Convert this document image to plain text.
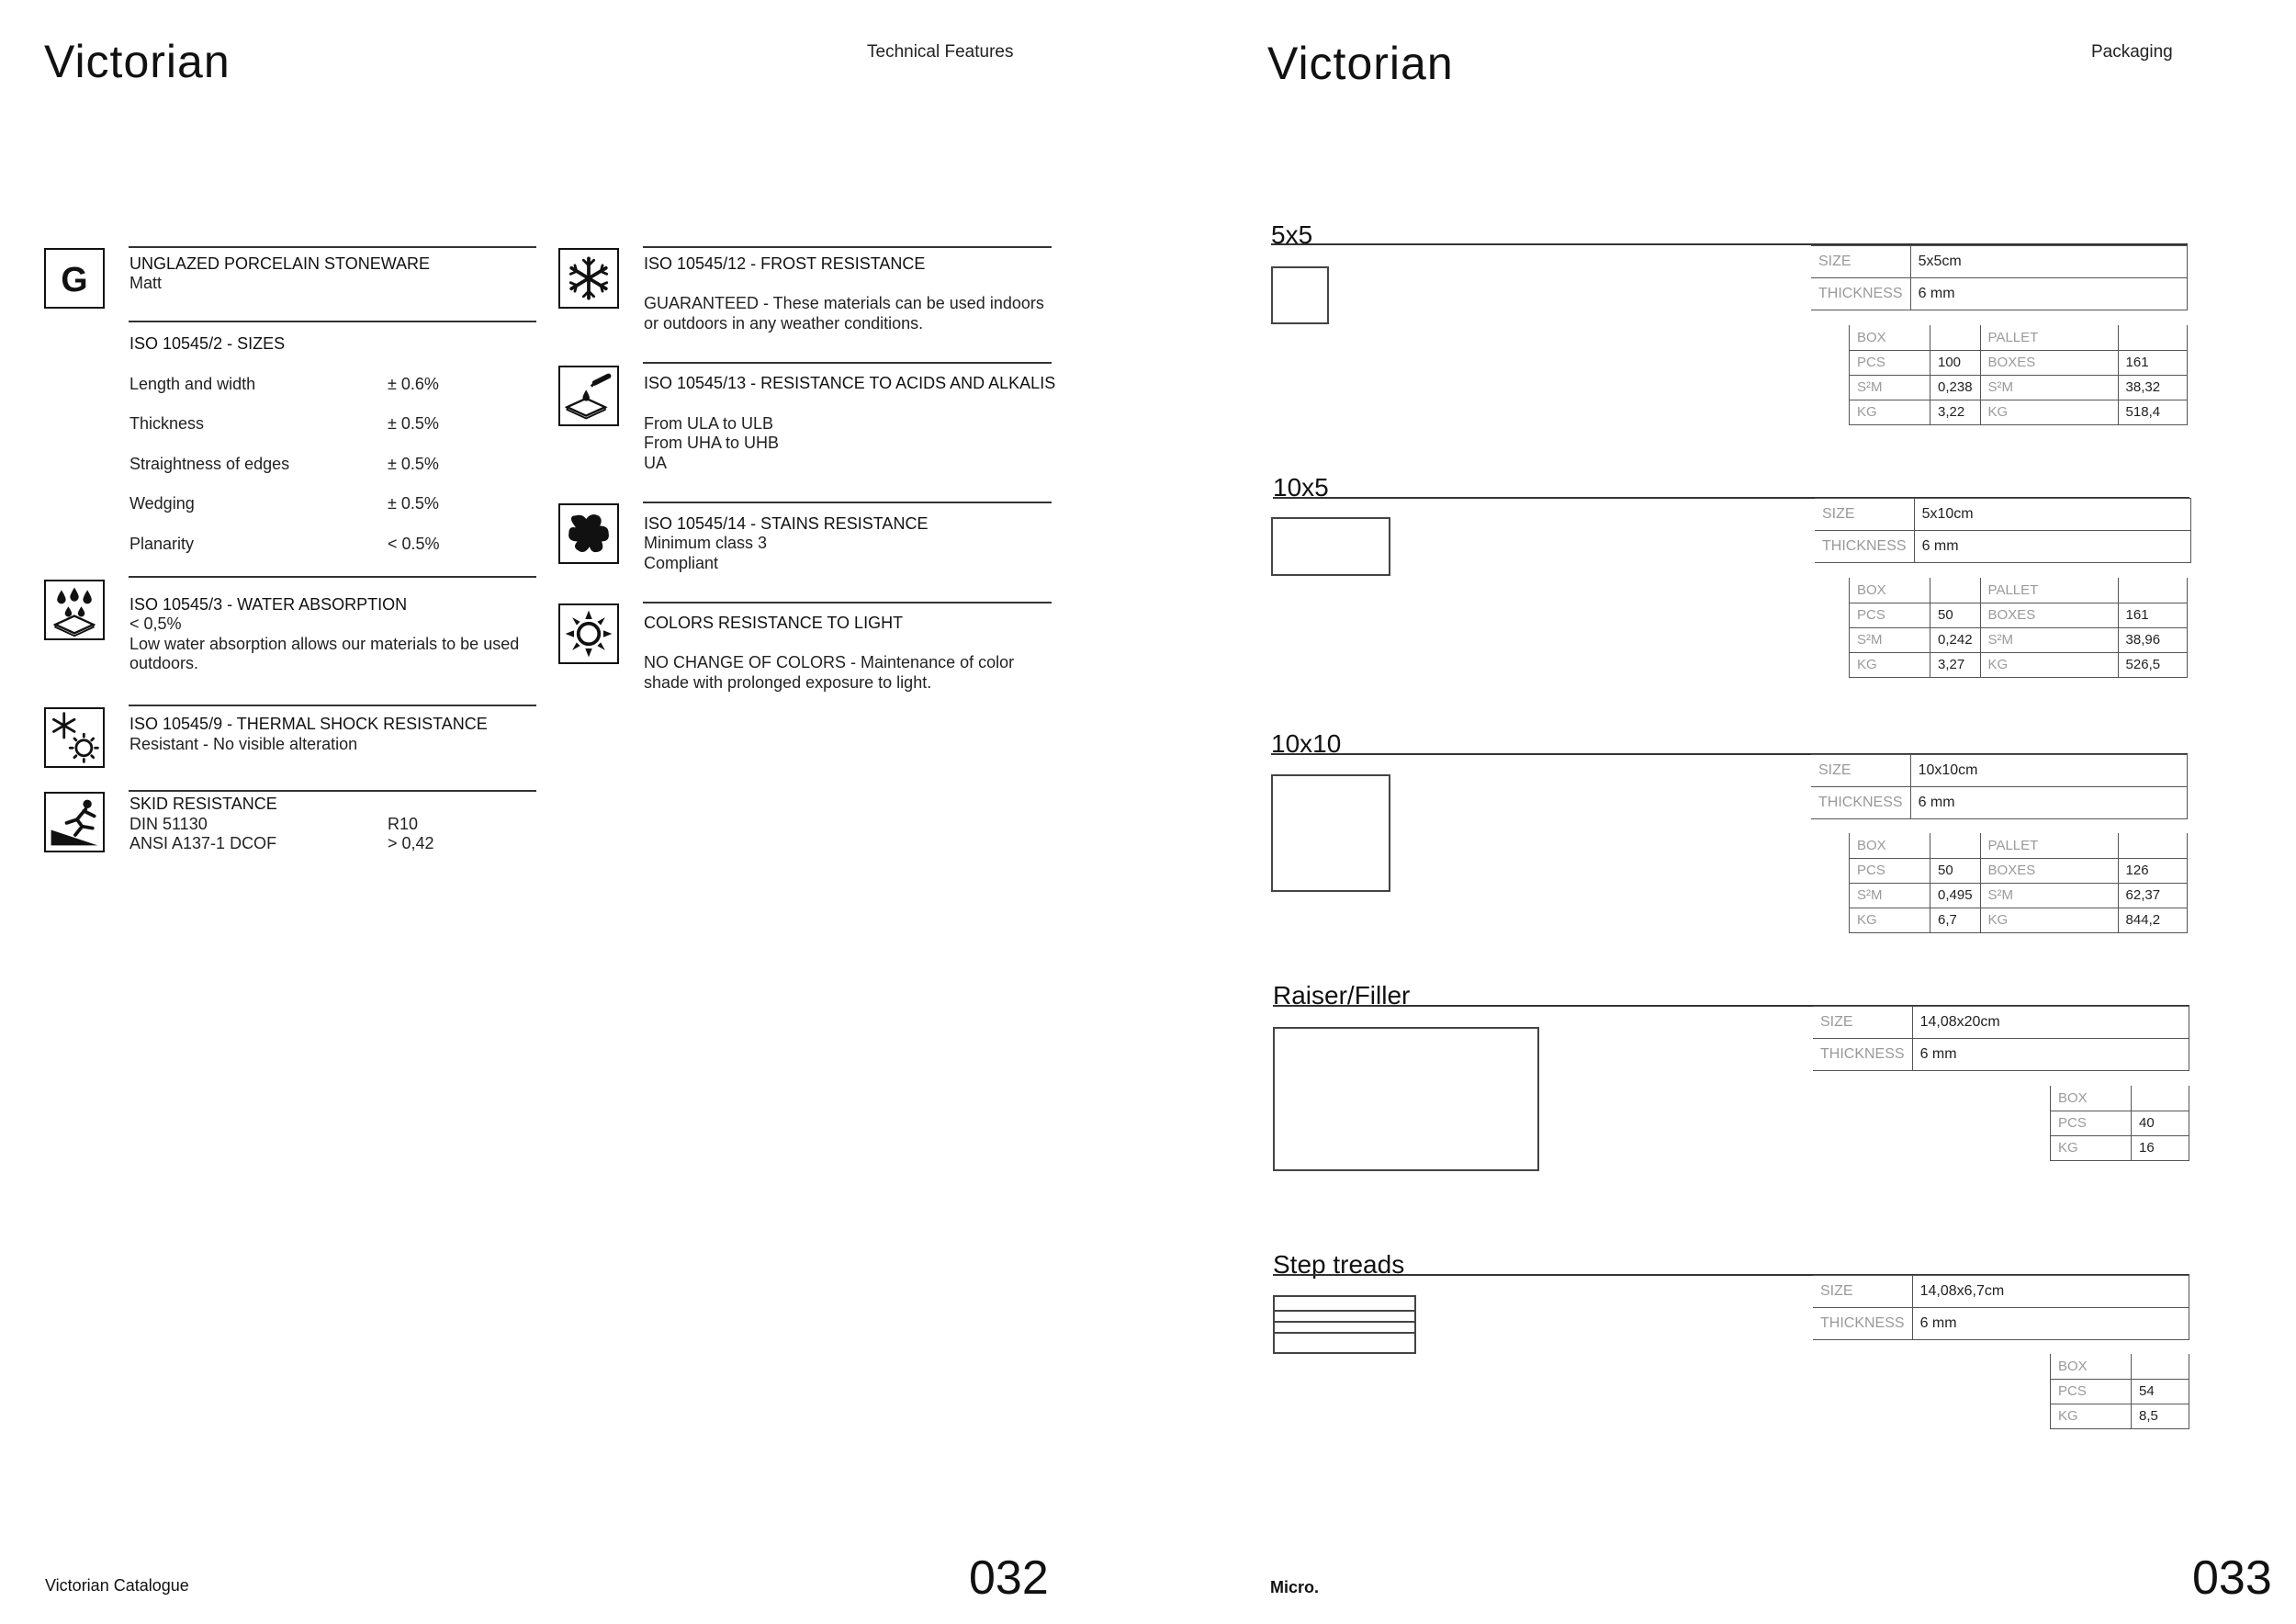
Victorian	Technical Features
G	UNGLAZED PORCELAIN STONEWARE
Matt
ISO 10545/2 - SIZES
Length and width	± 0.6%
Thickness	± 0.5%
Straightness of edges	± 0.5%
Wedging	± 0.5%
Planarity	< 0.5%
ISO 10545/3 - WATER ABSORPTION
< 0,5%
Low water absorption allows our materials to be used
outdoors.
ISO 10545/9 - THERMAL SHOCK RESISTANCE
Resistant - No visible alteration
SKID RESISTANCE
DIN 51130	R10
ANSI A137-1 DCOF	> 0,42
ISO 10545/12 - FROST RESISTANCE
GUARANTEED - These materials can be used indoors
or outdoors in any weather conditions.
ISO 10545/13 - RESISTANCE TO ACIDS AND ALKALIS
From ULA to ULB
From UHA to UHB
UA
ISO 10545/14 - STAINS RESISTANCE
Minimum class 3
Compliant
COLORS RESISTANCE TO LIGHT
NO CHANGE OF COLORS - Maintenance of color
shade with prolonged exposure to light.
Victorian Catalogue	032
Victorian	Packaging
5x5
SIZE	5x5cm
THICKNESS	6 mm
BOX		PALLET	
PCS	100	BOXES	161
S²M	0,238	S²M	38,32
KG	3,22	KG	518,4
10x5
SIZE	5x10cm
THICKNESS	6 mm
BOX		PALLET	
PCS	50	BOXES	161
S²M	0,242	S²M	38,96
KG	3,27	KG	526,5
10x10
SIZE	10x10cm
THICKNESS	6 mm
BOX		PALLET	
PCS	50	BOXES	126
S²M	0,495	S²M	62,37
KG	6,7	KG	844,2
Raiser/Filler
SIZE	14,08x20cm
THICKNESS	6 mm
BOX	
PCS	40
KG	16
Step treads
SIZE	14,08x6,7cm
THICKNESS	6 mm
BOX	
PCS	54
KG	8,5
Micro.	033
